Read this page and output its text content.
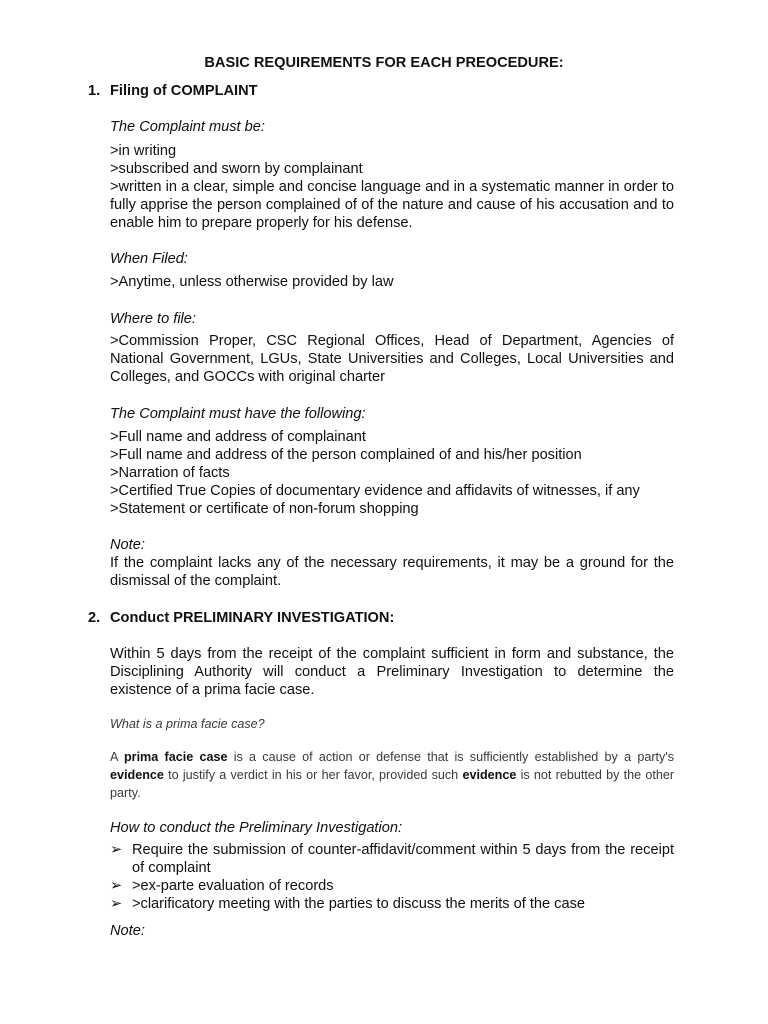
BASIC REQUIREMENTS FOR EACH PREOCEDURE:
1. Filing of COMPLAINT
The Complaint must be:
>in writing
>subscribed and sworn by complainant
>written in a clear, simple and concise language and in a systematic manner in order to fully apprise the person complained of of the nature and cause of his accusation and to enable him to prepare properly for his defense.
When Filed:
>Anytime, unless otherwise provided by law
Where to file:
>Commission Proper, CSC Regional Offices, Head of Department, Agencies of National Government, LGUs, State Universities and Colleges, Local Universities and Colleges, and GOCCs with original charter
The Complaint must have the following:
>Full name and address of complainant
>Full name and address of the person complained of and his/her position
>Narration of facts
>Certified True Copies of documentary evidence and affidavits of witnesses, if any
>Statement or certificate of non-forum shopping
Note:
If the complaint lacks any of the necessary requirements, it may be a ground for the dismissal of the complaint.
2. Conduct PRELIMINARY INVESTIGATION:
Within 5 days from the receipt of the complaint sufficient in form and substance, the Disciplining Authority will conduct a Preliminary Investigation to determine the existence of a prima facie case.
What is a prima facie case?
A prima facie case is a cause of action or defense that is sufficiently established by a party's evidence to justify a verdict in his or her favor, provided such evidence is not rebutted by the other party.
How to conduct the Preliminary Investigation:
➢ Require the submission of counter-affidavit/comment within 5 days from the receipt of complaint
➢ >ex-parte evaluation of records
➢ >clarificatory meeting with the parties to discuss the merits of the case
Note:
